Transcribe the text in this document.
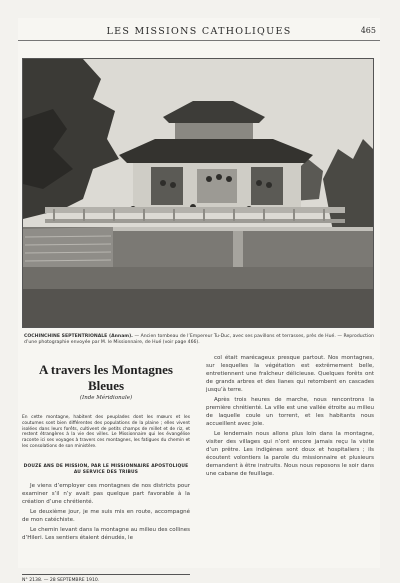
LES MISSIONS CATHOLIQUES	465
COCHINCHINE SEPTENTRIONALE (Annam). — Ancien tombeau de l’Empereur Tu-Duc, avec ses pavillons et terrasses, près de Hué. — Reproduction d’une photographie envoyée par M. le Missionnaire, de Hué (voir page 466).
A travers les Montagnes Bleues
(Inde Méridionale)
En cette montagne, habitent des peuplades dont les mœurs et les coutumes sont bien différentes des populations de la plaine ; elles vivent isolées dans leurs forêts, cultivent de petits champs de millet et de riz, et restent étrangères à la vie des villes. Le Missionnaire qui les évangélise raconte ici ses voyages à travers ces montagnes, les fatigues du chemin et les consolations de son ministère.
DOUZE ANS DE MISSION, PAR LE MISSIONNAIRE APOSTOLIQUE AU SERVICE DES TRIBUS

Je viens d’employer ces montagnes de nos districts pour examiner s’il n’y avait pas quelque part favorable à la création d’une chrétienté.

Le deuxième jour, je me suis mis en route, accompagné de mon catéchiste.

Le chemin levant dans la montagne au milieu des collines d’Hileri. Les sentiers étaient dénudés, le

col était marécageux presque partout. Nos montagnes, sur lesquelles la végétation est extrêmement belle, entretiennent une fraîcheur délicieuse. Quelques forêts ont de grands arbres et des lianes qui retombent en cascades jusqu’à terre.

Après trois heures de marche, nous rencontrons la première chrétienté. La ville est une vallée étroite au milieu de laquelle coule un torrent, et les habitants nous accueillent avec joie.

Le lendemain nous allons plus loin dans la montagne, visiter des villages qui n’ont encore jamais reçu la visite d’un prêtre. Les indigènes sont doux et hospitaliers ; ils écoutent volontiers la parole du missionnaire et plusieurs demandent à être instruits. Nous nous reposons le soir dans une cabane de feuillage.

N° 2138. — 28 SEPTEMBRE 1910.
